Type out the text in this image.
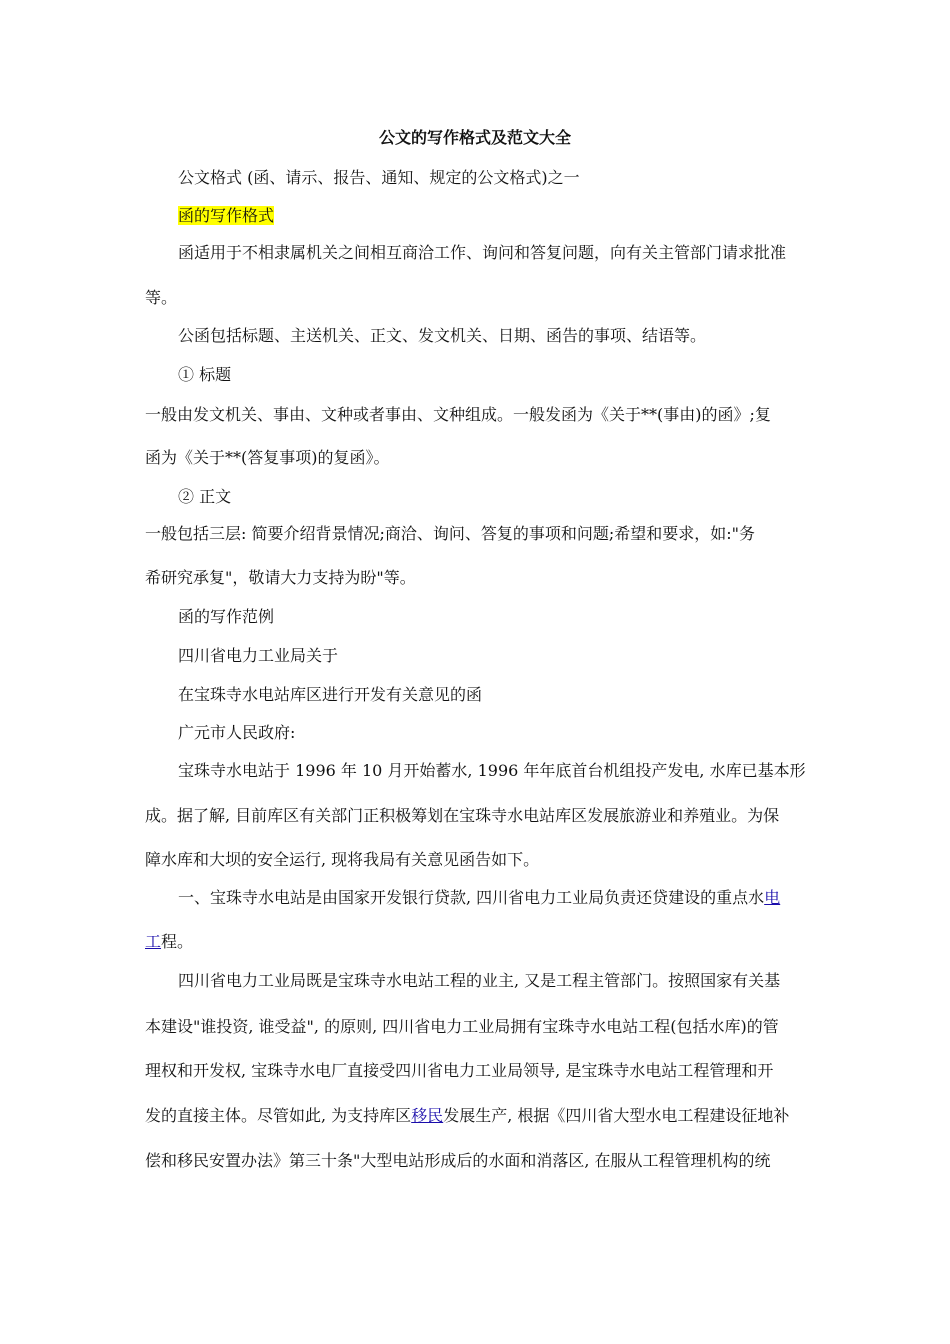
公文的写作格式及范文大全
公文格式 (函、请示、报告、通知、规定的公文格式)之一
函的写作格式
函适用于不相隶属机关之间相互商洽工作、询问和答复问题，向有关主管部门请求批准
等。
公函包括标题、主送机关、正文、发文机关、日期、函告的事项、结语等。
① 标题
一般由发文机关、事由、文种或者事由、文种组成。一般发函为《关于**(事由)的函》;复
函为《关于**(答复事项)的复函》。
② 正文
一般包括三层: 简要介绍背景情况;商洽、询问、答复的事项和问题;希望和要求，如:"务
希研究承复"，敬请大力支持为盼"等。
函的写作范例
四川省电力工业局关于
在宝珠寺水电站库区进行开发有关意见的函
广元市人民政府:
宝珠寺水电站于 1996 年 10 月开始蓄水, 1996 年年底首台机组投产发电, 水库已基本形
成。据了解, 目前库区有关部门正积极筹划在宝珠寺水电站库区发展旅游业和养殖业。为保
障水库和大坝的安全运行, 现将我局有关意见函告如下。
一、宝珠寺水电站是由国家开发银行贷款, 四川省电力工业局负责还贷建设的重点水电
工程。
四川省电力工业局既是宝珠寺水电站工程的业主, 又是工程主管部门。按照国家有关基
本建设"谁投资, 谁受益", 的原则, 四川省电力工业局拥有宝珠寺水电站工程(包括水库)的管
理权和开发权, 宝珠寺水电厂直接受四川省电力工业局领导, 是宝珠寺水电站工程管理和开
发的直接主体。尽管如此, 为支持库区移民发展生产, 根据《四川省大型水电工程建设征地补
偿和移民安置办法》第三十条"大型电站形成后的水面和消落区, 在服从工程管理机构的统
